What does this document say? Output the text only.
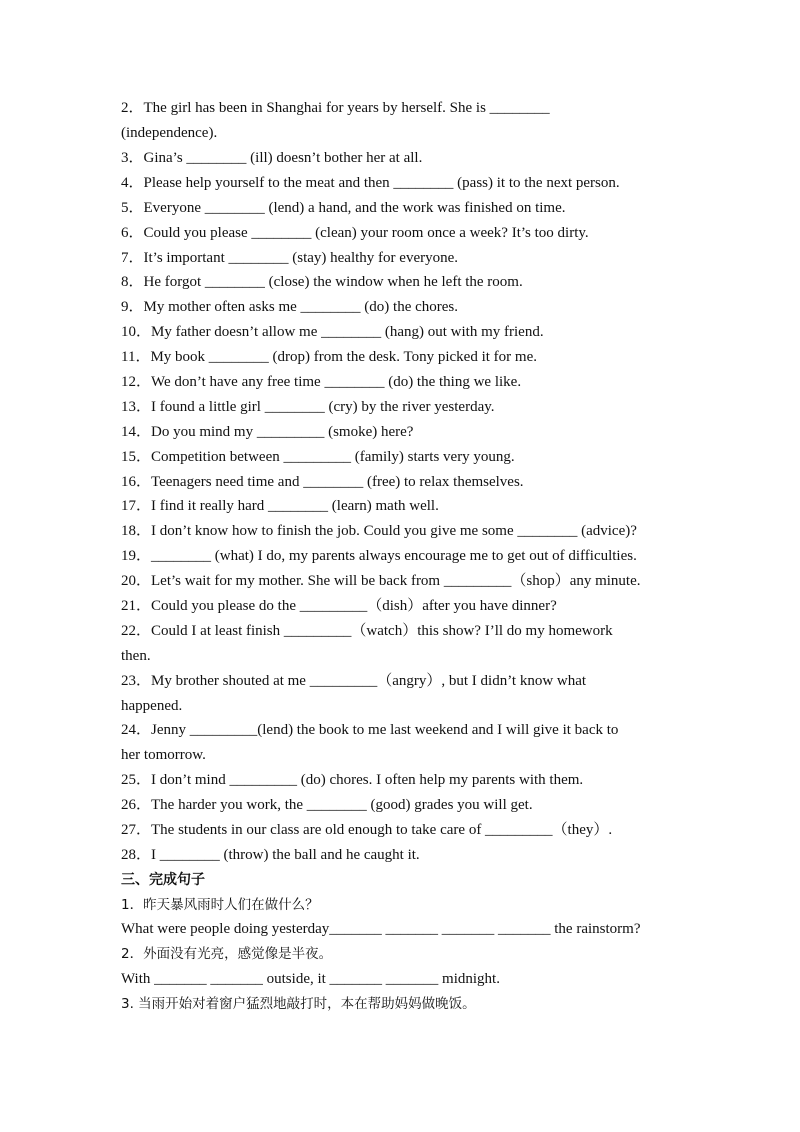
2．The girl has been in Shanghai for years by herself. She is ________
(independence).
3．Gina’s ________ (ill) doesn’t bother her at all.
4．Please help yourself to the meat and then ________ (pass) it to the next person.
5．Everyone ________ (lend) a hand, and the work was finished on time.
6．Could you please ________ (clean) your room once a week? It’s too dirty.
7．It’s important ________ (stay) healthy for everyone.
8．He forgot ________ (close) the window when he left the room.
9．My mother often asks me ________ (do) the chores.
10．My father doesn’t allow me ________ (hang) out with my friend.
11．My book ________ (drop) from the desk. Tony picked it for me.
12．We don’t have any free time ________ (do) the thing we like.
13．I found a little girl ________ (cry) by the river yesterday.
14．Do you mind my _________ (smoke) here?
15．Competition between _________ (family) starts very young.
16．Teenagers need time and ________ (free) to relax themselves.
17．I find it really hard ________ (learn) math well.
18．I don’t know how to finish the job. Could you give me some ________ (advice)?
19．________ (what) I do, my parents always encourage me to get out of difficulties.
20．Let’s wait for my mother. She will be back from _________（shop）any minute.
21．Could you please do the _________（dish）after you have dinner?
22．Could I at least finish _________（watch）this show? I’ll do my homework
then.
23．My brother shouted at me _________（angry）, but I didn’t know what
happened.
24．Jenny _________(lend) the book to me last weekend and I will give it back to
her tomorrow.
25．I don’t mind _________ (do) chores. I often help my parents with them.
26．The harder you work, the ________ (good) grades you will get.
27．The students in our class are old enough to take care of _________（they）.
28．I ________ (throw) the ball and he caught it.
三、完成句子
1．昨天暴风雨时人们在做什么？
What were people doing yesterday_______ _______ _______ _______ the rainstorm?
2．外面没有光亮，感觉像是半夜。
With _______ _______ outside, it _______ _______ midnight.
3. 当雨开始对着窗户猛烈地敲打时，本在帮助妈妈做晚饭。
